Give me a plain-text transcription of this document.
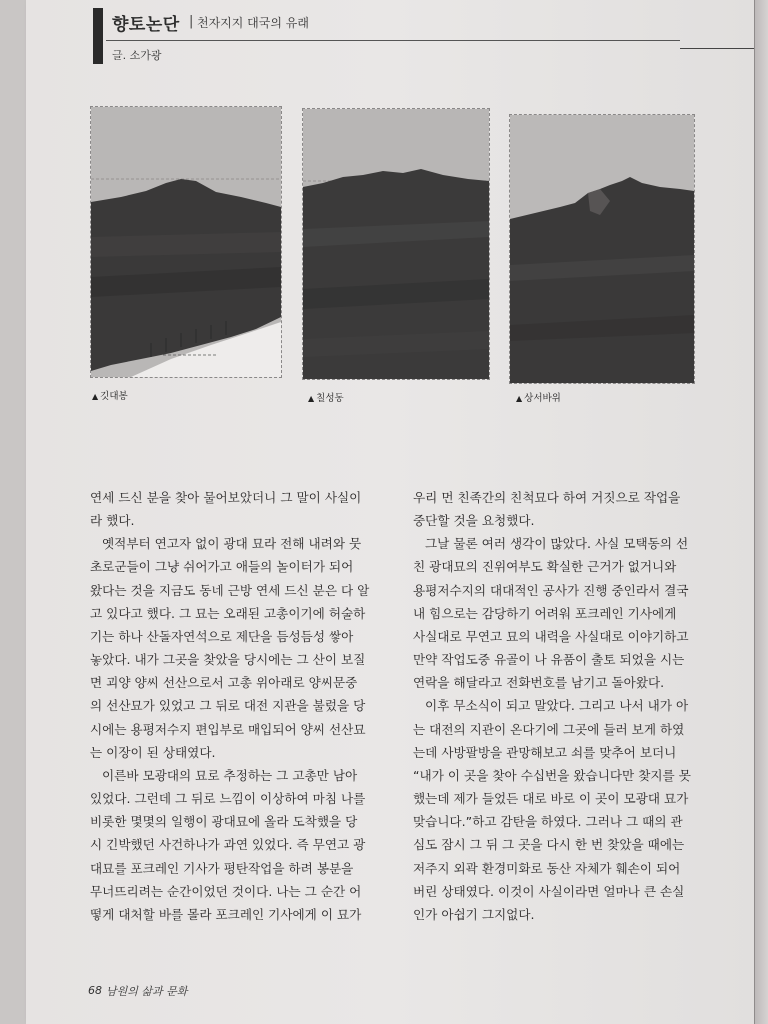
향토논단 | 천자지지 대국의 유래
글. 소가광
▲ 깃대봉	▲ 칠성동	▲ 상서바위

연세 드신 분을 찾아 물어보았더니 그 말이 사실이

라 했다.

옛적부터 연고자 없이 광대 묘라 전해 내려와 뭇

초로군들이 그냥 쉬어가고 애들의 놀이터가 되어

왔다는 것을 지금도 동네 근방 연세 드신 분은 다 알

고 있다고 했다. 그 묘는 오래된 고총이기에 허술하

기는 하나 산돌자연석으로 제단을 듬성듬성 쌓아

놓았다. 내가 그곳을 찾았을 당시에는 그 산이 보질

면 괴양 양씨 선산으로서 고총 위아래로 양씨문중

의 선산묘가 있었고 그 뒤로 대전 지관을 불렀을 당

시에는 용평저수지 편입부로 매입되어 양씨 선산묘

는 이장이 된 상태였다.

이른바 모광대의 묘로 추정하는 그 고총만 남아

있었다. 그런데 그 뒤로 느낌이 이상하여 마침 나를

비롯한 몇몇의 일행이 광대묘에 올라 도착했을 당

시 긴박했던 사건하나가 과연 있었다. 즉 무연고 광

대묘를 포크레인 기사가 평탄작업을 하려 봉분을

무너뜨리려는 순간이었던 것이다. 나는 그 순간 어

떻게 대처할 바를 몰라 포크레인 기사에게 이 묘가

우리 먼 친족간의 친척묘다 하여 거짓으로 작업을

중단할 것을 요청했다.

그날 물론 여러 생각이 많았다. 사실 모택동의 선

친 광대묘의 진위여부도 확실한 근거가 없거니와

용평저수지의 대대적인 공사가 진행 중인라서 결국

내 힘으로는 감당하기 어려워 포크레인 기사에게

사실대로 무연고 묘의 내력을 사실대로 이야기하고

만약 작업도중 유골이 나 유품이 출토 되었을 시는

연락을 해달라고 전화번호를 남기고 돌아왔다.

이후 무소식이 되고 말았다. 그리고 나서 내가 아

는 대전의 지관이 온다기에 그곳에 들러 보게 하였

는데 사방팔방을 관망해보고 쇠를 맞추어 보더니

“내가 이 곳을 찾아 수십번을 왔습니다만 찾지를 못

했는데 제가 들었든 대로 바로 이 곳이 모광대 묘가

맞습니다.”하고 감탄을 하였다. 그러나 그 때의 관

심도 잠시 그 뒤 그 곳을 다시 한 번 찾았을 때에는

저주지 외곽 환경미화로 동산 자체가 훼손이 되어

버린 상태였다. 이것이 사실이라면 얼마나 큰 손실

인가 아쉽기 그지없다.

68 남원의 삶과 문화
